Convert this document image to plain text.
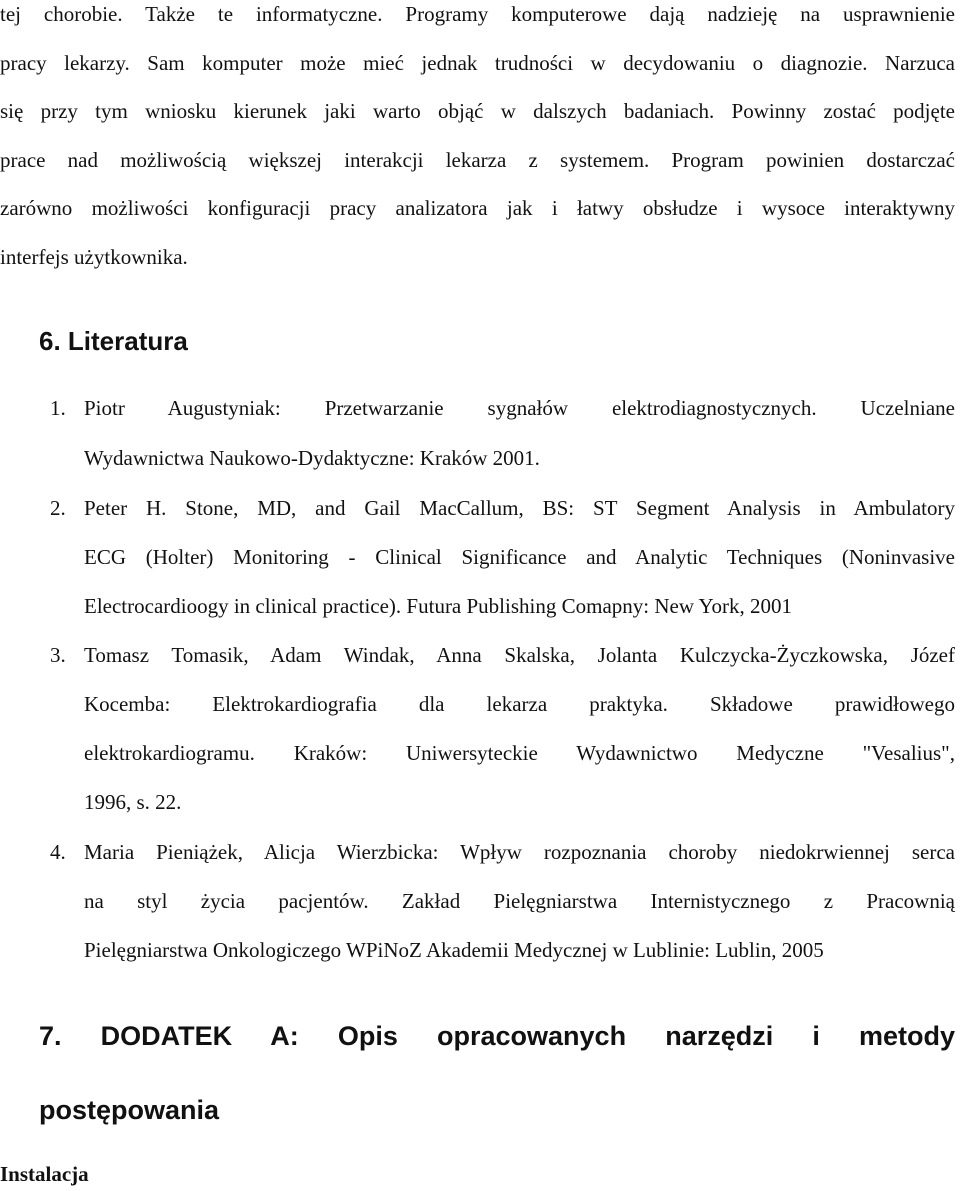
tej chorobie. Także te informatyczne. Programy komputerowe dają nadzieję na usprawnienie
pracy lekarzy. Sam komputer może mieć jednak trudności w decydowaniu o diagnozie. Narzuca
się przy tym wniosku kierunek jaki warto objąć w dalszych badaniach. Powinny zostać podjęte
prace nad możliwością większej interakcji lekarza z systemem. Program powinien dostarczać
zarówno możliwości konfiguracji pracy analizatora jak i łatwy obsłudze i wysoce interaktywny
interfejs użytkownika.
6. Literatura
1. Piotr Augustyniak: Przetwarzanie sygnałów elektrodiagnostycznych. Uczelniane
Wydawnictwa Naukowo-Dydaktyczne: Kraków 2001.
2. Peter H. Stone, MD, and Gail MacCallum, BS: ST Segment Analysis in Ambulatory
ECG (Holter) Monitoring - Clinical Significance and Analytic Techniques (Noninvasive
Electrocardioogy in clinical practice). Futura Publishing Comapny: New York, 2001
3. Tomasz Tomasik, Adam Windak, Anna Skalska, Jolanta Kulczycka-Życzkowska, Józef
Kocemba: Elektrokardiografia dla lekarza praktyka. Składowe prawidłowego
elektrokardiogramu. Kraków: Uniwersyteckie Wydawnictwo Medyczne "Vesalius",
1996, s. 22.
4. Maria Pieniążek, Alicja Wierzbicka: Wpływ rozpoznania choroby niedokrwiennej serca
na styl życia pacjentów. Zakład Pielęgniarstwa Internistycznego z Pracownią
Pielęgniarstwa Onkologiczego WPiNoZ Akademii Medycznej w Lublinie: Lublin, 2005
7. DODATEK A: Opis opracowanych narzędzi i metody
postępowania
Instalacja
